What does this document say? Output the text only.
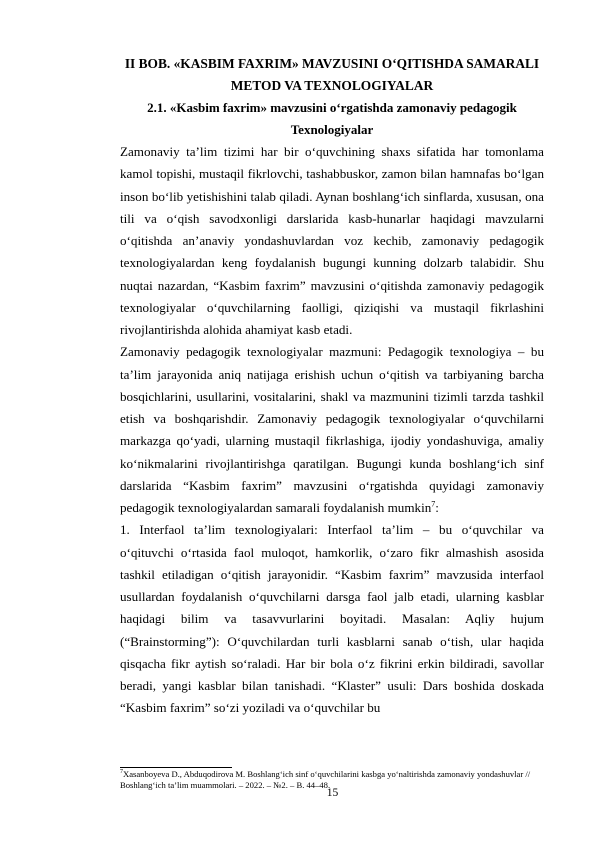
II BOB. «KASBIM FAXRIM» MAVZUSINI O‘QITISHDA SAMARALI METOD VA TEXNOLOGIYALAR

2.1. «Kasbim faxrim» mavzusini o‘rgatishda zamonaviy pedagogik Texnologiyalar

Zamonaviy ta’lim tizimi har bir o‘quvchining shaxs sifatida har tomonlama kamol topishi, mustaqil fikrlovchi, tashabbuskor, zamon bilan hamnafas bo‘lgan inson bo‘lib yetishishini talab qiladi. Aynan boshlang‘ich sinflarda, xususan, ona tili va o‘qish savodxonligi darslarida kasb-hunarlar haqidagi mavzularni o‘qitishda an’anaviy yondashuvlardan voz kechib, zamonaviy pedagogik texnologiyalardan keng foydalanish bugungi kunning dolzarb talabidir. Shu nuqtai nazardan, “Kasbim faxrim” mavzusini o‘qitishda zamonaviy pedagogik texnologiyalar o‘quvchilarning faolligi, qiziqishi va mustaqil fikrlashini rivojlantirishda alohida ahamiyat kasb etadi.

Zamonaviy pedagogik texnologiyalar mazmuni: Pedagogik texnologiya – bu ta’lim jarayonida aniq natijaga erishish uchun o‘qitish va tarbiyaning barcha bosqichlarini, usullarini, vositalarini, shakl va mazmunini tizimli tarzda tashkil etish va boshqarishdir. Zamonaviy pedagogik texnologiyalar o‘quvchilarni markazga qo‘yadi, ularning mustaqil fikrlashiga, ijodiy yondashuviga, amaliy ko‘nikmalarini rivojlantirishga qaratilgan. Bugungi kunda boshlang‘ich sinf darslarida “Kasbim faxrim” mavzusini o‘rgatishda quyidagi zamonaviy pedagogik texnologiyalardan samarali foydalanish mumkin$^7$:

1. Interfaol ta’lim texnologiyalari: Interfaol ta’lim – bu o‘quvchilar va o‘qituvchi o‘rtasida faol muloqot, hamkorlik, o‘zaro fikr almashish asosida tashkil etiladigan o‘qitish jarayonidir. “Kasbim faxrim” mavzusida interfaol usullardan foydalanish o‘quvchilarni darsga faol jalb etadi, ularning kasblar haqidagi bilim va tasavvurlarini boyitadi. Masalan: Aqliy hujum (“Brainstorming”): O‘quvchilardan turli kasblarni sanab o‘tish, ular haqida qisqacha fikr aytish so‘raladi. Har bir bola o‘z fikrini erkin bildiradi, savollar beradi, yangi kasblar bilan tanishadi. “Klaster” usuli: Dars boshida doskada “Kasbim faxrim” so‘zi yoziladi va o‘quvchilar bu

$^7$Xasanboyeva D., Abduqodirova M. Boshlang‘ich sinf o‘quvchilarini kasbga yo‘naltirishda zamonaviy yondashuvlar // Boshlang‘ich ta’lim muammolari. – 2022. – №2. – B. 44–48.
15
